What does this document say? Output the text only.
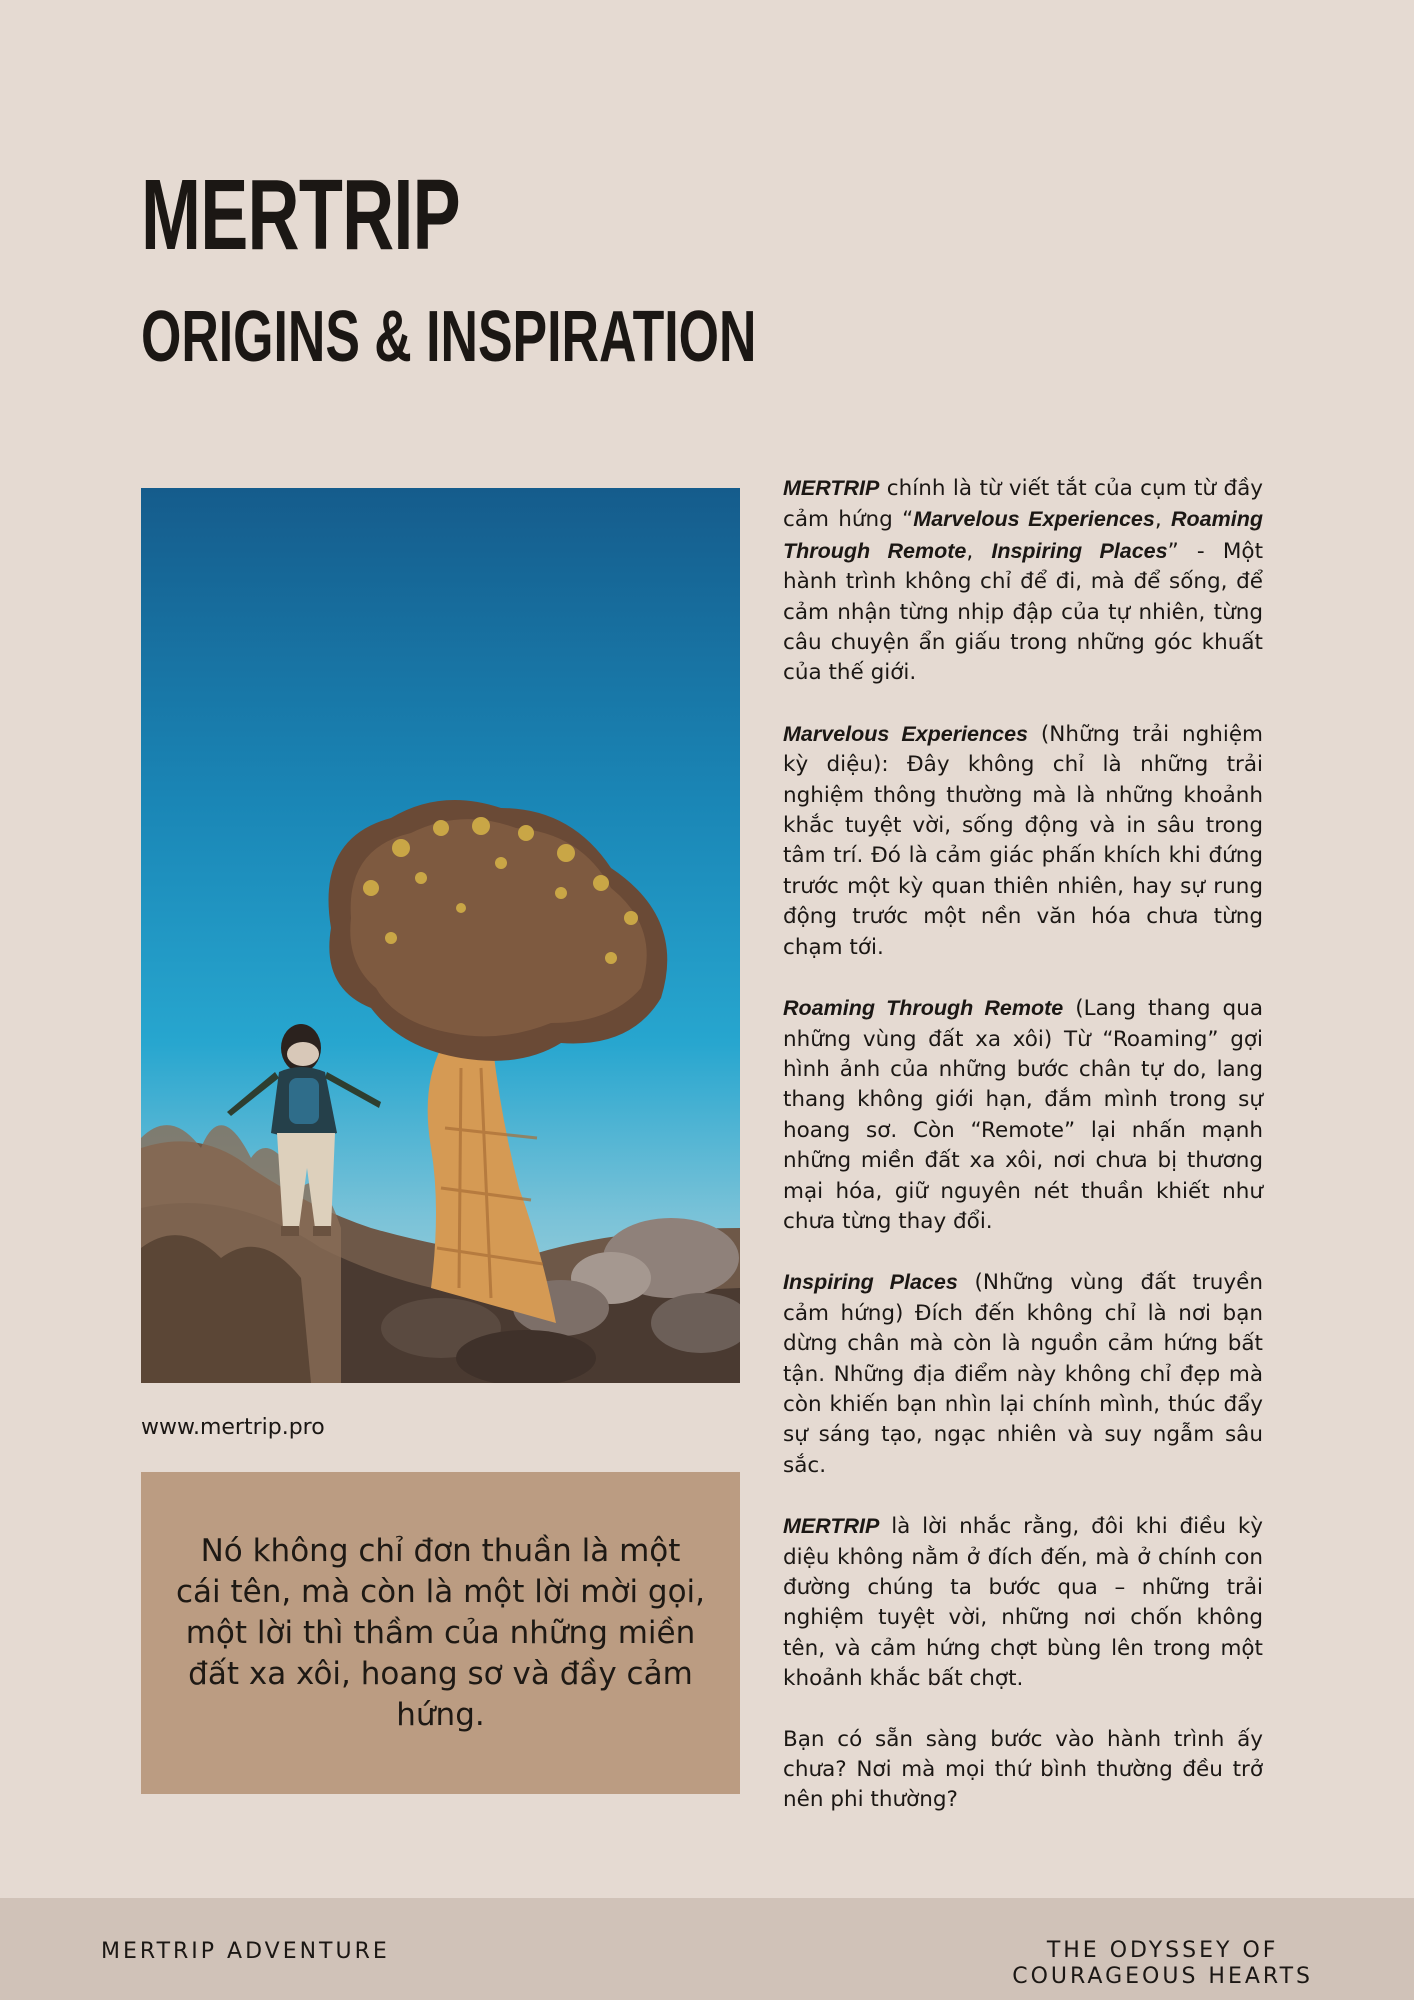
MERTRIP
ORIGINS & INSPIRATION
www.mertrip.pro

Nó không chỉ đơn thuần là một cái tên, mà còn là một lời mời gọi, một lời thì thầm của những miền đất xa xôi, hoang sơ và đầy cảm hứng.

MERTRIP chính là từ viết tắt của cụm từ đầy cảm hứng “Marvelous Experiences, Roaming Through Remote, Inspiring Places” - Một hành trình không chỉ để đi, mà để sống, để cảm nhận từng nhịp đập của tự nhiên, từng câu chuyện ẩn giấu trong những góc khuất của thế giới.

Marvelous Experiences (Những trải nghiệm kỳ diệu): Đây không chỉ là những trải nghiệm thông thường mà là những khoảnh khắc tuyệt vời, sống động và in sâu trong tâm trí. Đó là cảm giác phấn khích khi đứng trước một kỳ quan thiên nhiên, hay sự rung động trước một nền văn hóa chưa từng chạm tới.

Roaming Through Remote (Lang thang qua những vùng đất xa xôi) Từ “Roaming” gợi hình ảnh của những bước chân tự do, lang thang không giới hạn, đắm mình trong sự hoang sơ. Còn “Remote” lại nhấn mạnh những miền đất xa xôi, nơi chưa bị thương mại hóa, giữ nguyên nét thuần khiết như chưa từng thay đổi.

Inspiring Places (Những vùng đất truyền cảm hứng) Đích đến không chỉ là nơi bạn dừng chân mà còn là nguồn cảm hứng bất tận. Những địa điểm này không chỉ đẹp mà còn khiến bạn nhìn lại chính mình, thúc đẩy sự sáng tạo, ngạc nhiên và suy ngẫm sâu sắc.

MERTRIP là lời nhắc rằng, đôi khi điều kỳ diệu không nằm ở đích đến, mà ở chính con đường chúng ta bước qua – những trải nghiệm tuyệt vời, những nơi chốn không tên, và cảm hứng chợt bùng lên trong một khoảnh khắc bất chợt.

Bạn có sẵn sàng bước vào hành trình ấy chưa? Nơi mà mọi thứ bình thường đều trở nên phi thường?

MERTRIP ADVENTURE	THE ODYSSEY OF
COURAGEOUS HEARTS
